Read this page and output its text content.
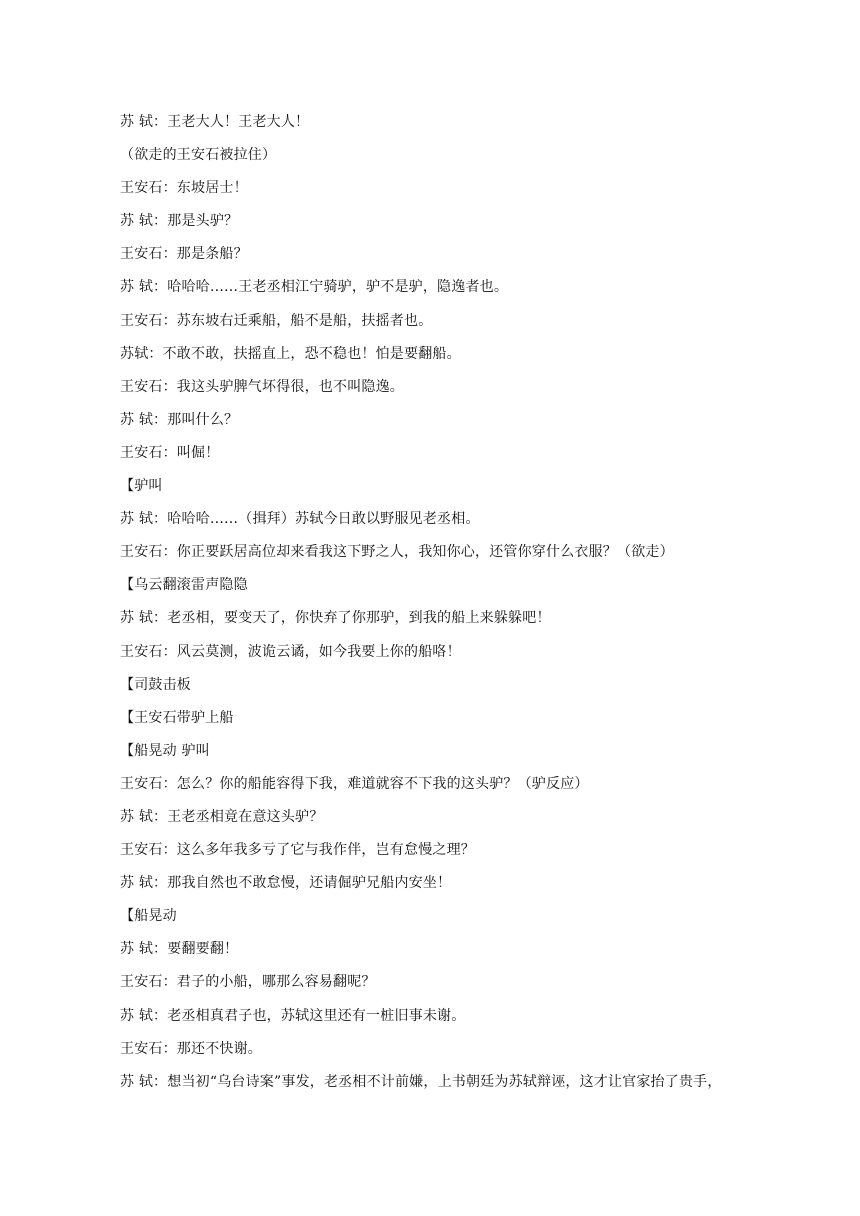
苏 轼：王老大人！王老大人！
（欲走的王安石被拉住）
王安石：东坡居士！
苏 轼：那是头驴？
王安石：那是条船？
苏 轼：哈哈哈……王老丞相江宁骑驴，驴不是驴，隐逸者也。
王安石：苏东坡右迁乘船，船不是船，扶摇者也。
苏轼：不敢不敢，扶摇直上，恐不稳也！怕是要翻船。
王安石：我这头驴脾气坏得很，也不叫隐逸。
苏 轼：那叫什么？
王安石：叫倔！
【驴叫
苏 轼：哈哈哈……（揖拜）苏轼今日敢以野服见老丞相。
王安石：你正要跃居高位却来看我这下野之人，我知你心，还管你穿什么衣服？（欲走）
【乌云翻滚雷声隐隐
苏 轼：老丞相，要变天了，你快弃了你那驴，到我的船上来躲躲吧！
王安石：风云莫测，波诡云谲，如今我要上你的船咯！
【司鼓击板
【王安石带驴上船
【船晃动 驴叫
王安石：怎么？你的船能容得下我，难道就容不下我的这头驴？（驴反应）
苏 轼：王老丞相竟在意这头驴？
王安石：这么多年我多亏了它与我作伴，岂有怠慢之理？
苏 轼：那我自然也不敢怠慢，还请倔驴兄船内安坐！
【船晃动
苏 轼：要翻要翻！
王安石：君子的小船，哪那么容易翻呢？
苏 轼：老丞相真君子也，苏轼这里还有一桩旧事未谢。
王安石：那还不快谢。
苏 轼：想当初“乌台诗案”事发，老丞相不计前嫌，上书朝廷为苏轼辩诬，这才让官家抬了贵手，
